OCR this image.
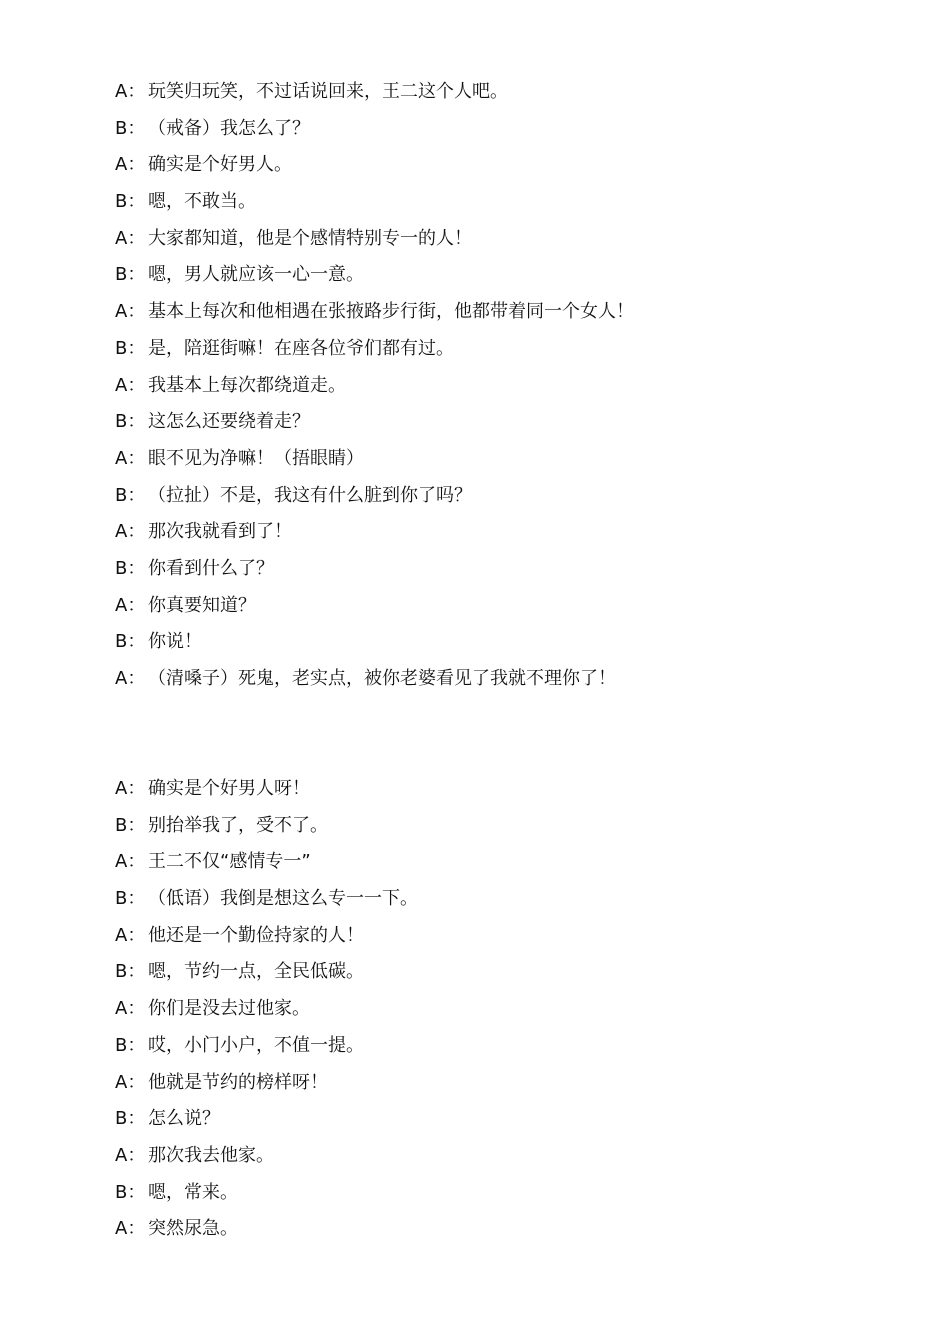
A： 玩笑归玩笑，不过话说回来，王二这个人吧。
B： （戒备）我怎么了？
A： 确实是个好男人。
B： 嗯，不敢当。
A： 大家都知道，他是个感情特别专一的人！
B： 嗯，男人就应该一心一意。
A： 基本上每次和他相遇在张掖路步行街，他都带着同一个女人！
B： 是，陪逛街嘛！在座各位爷们都有过。
A： 我基本上每次都绕道走。
B： 这怎么还要绕着走？
A： 眼不见为净嘛！（捂眼睛）
B： （拉扯）不是，我这有什么脏到你了吗？
A： 那次我就看到了！
B： 你看到什么了？
A： 你真要知道？
B： 你说！
A： （清嗓子）死鬼，老实点，被你老婆看见了我就不理你了！
A： 确实是个好男人呀！
B： 别抬举我了，受不了。
A： 王二不仅“感情专一”
B： （低语）我倒是想这么专一一下。
A： 他还是一个勤俭持家的人！
B： 嗯，节约一点，全民低碳。
A： 你们是没去过他家。
B： 哎，小门小户，不值一提。
A： 他就是节约的榜样呀！
B： 怎么说？
A： 那次我去他家。
B： 嗯，常来。
A： 突然尿急。
